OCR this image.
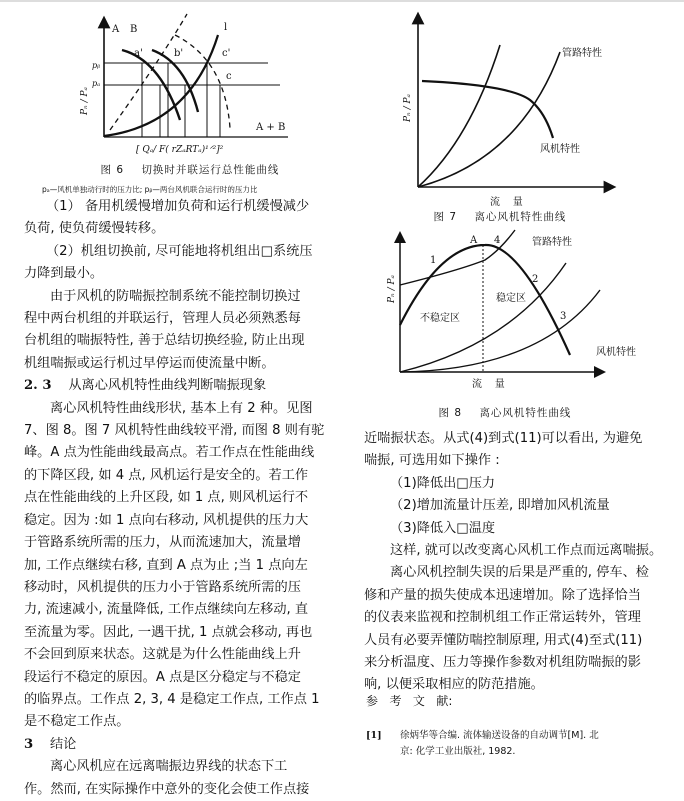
A B
a'	b'
l
c'
c
pᵦ
pₐ
A + B
Pₙ / Pₐ
[ Qₐ/ F( rZₐRTₐ)¹ᐟ²]²
图 6 切换时并联运行总性能曲线
pₐ—风机单独动行时的压力比; pᵦ—两台风机联合运行时的压力比
（1） 备用机缓慢增加负荷和运行机缓慢减少
负荷, 使负荷缓慢转移。
（2）机组切换前, 尽可能地将机组出□系统压
力降到最小。
由于风机的防喘振控制系统不能控制切换过
程中两台机组的并联运行，管理人员必须熟悉每
台机组的喘振特性, 善于总结切换经验, 防止出现
机组喘振或运行机过早停运而使流量中断。
2. 3 从离心风机特性曲线判断喘振现象
离心风机特性曲线形状, 基本上有 2 种。见图
7、图 8。图 7 风机特性曲线较平滑, 而图 8 则有驼
峰。A 点为性能曲线最高点。若工作点在性能曲线
的下降区段, 如 4 点, 风机运行是安全的。若工作
点在性能曲线的上升区段, 如 1 点, 则风机运行不
稳定。因为 :如 1 点向右移动, 风机提供的压力大
于管路系统所需的压力，从而流速加大，流量增
加, 工作点继续右移, 直到 A 点为止 ;当 1 点向左
移动时，风机提供的压力小于管路系统所需的压
力, 流速减小, 流量降低, 工作点继续向左移动, 直
至流量为零。因此, 一遇干扰, 1 点就会移动, 再也
不会回到原来状态。这就是为什么性能曲线上升
段运行不稳定的原因。A 点是区分稳定与不稳定
的临界点。工作点 2, 3, 4 是稳定工作点, 工作点 1
是不稳定工作点。
3 结论
离心风机应在远离喘振边界线的状态下工
作。然而, 在实际操作中意外的变化会使工作点接
管路特性
风机特性
Pₙ / Pₐ
流    量
图 7 离心风机特性曲线
A 4
1
2
3
管路特性
风机特性
不稳定区
稳定区
Pₙ / Pₐ
流    量
图 8 离心风机特性曲线
近喘振状态。从式(4)到式(11)可以看出, 为避免
喘振, 可选用如下操作 :
（1)降低出□压力
（2)增加流量计压差, 即增加风机流量
（3)降低入□温度
这样, 就可以改变离心风机工作点而远离喘振。
离心风机控制失误的后果是严重的, 停车、检
修和产量的损失使成本迅速增加。除了选择恰当
的仪表来监视和控制机组工作正常运转外，管理
人员有必要弄懂防喘控制原理, 用式(4)至式(11)
来分析温度、压力等操作参数对机组防喘振的影
响, 以便采取相应的防范措施。
参   考   文   献:
[1]	徐炳华等合编. 流体输送设备的自动调节[M]. 北
京: 化学工业出版社, 1982.
